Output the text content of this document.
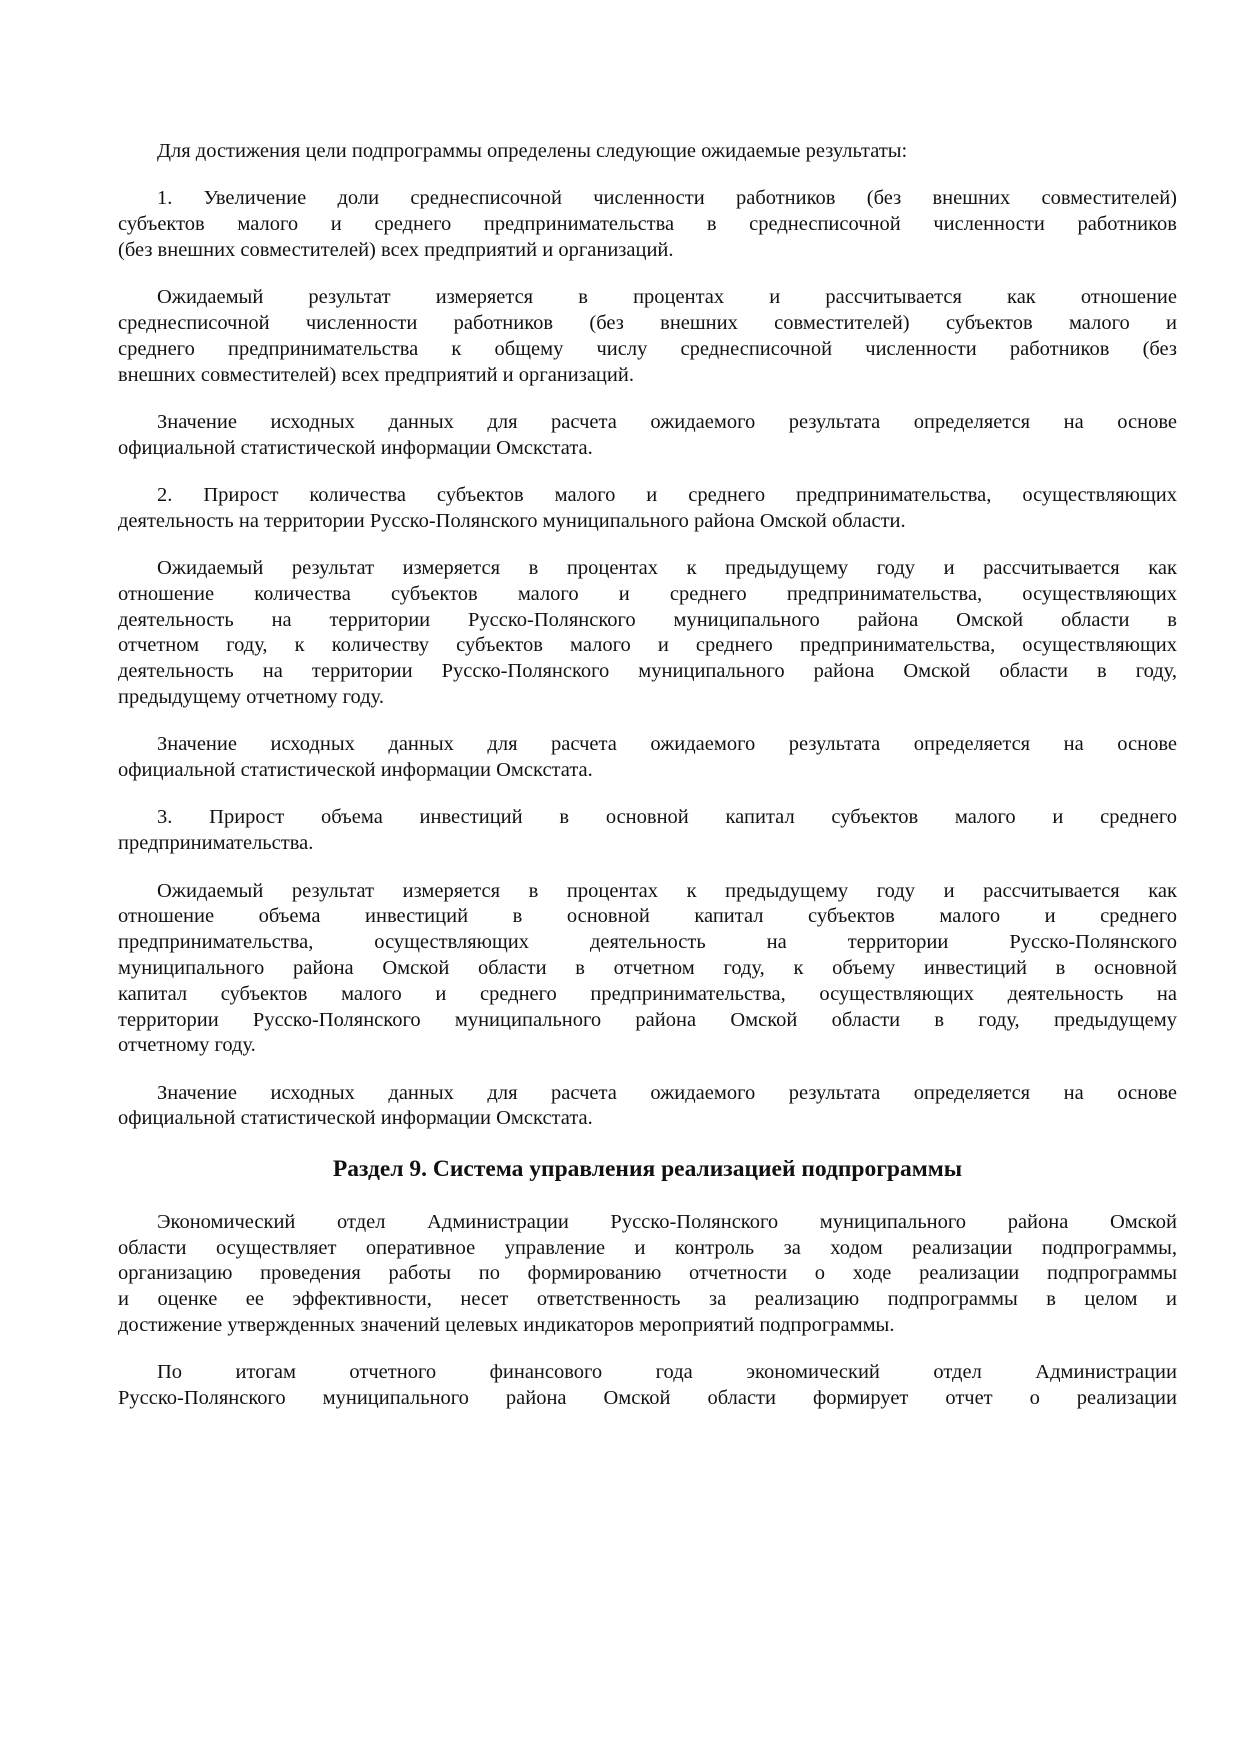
Для достижения цели подпрограммы определены следующие ожидаемые результаты:
1. Увеличение доли среднесписочной численности работников (без внешних совместителей)
субъектов малого и среднего предпринимательства в среднесписочной численности работников
(без внешних совместителей) всех предприятий и организаций.
Ожидаемый результат измеряется в процентах и рассчитывается как отношение
среднесписочной численности работников (без внешних совместителей) субъектов малого и
среднего предпринимательства к общему числу среднесписочной численности работников (без
внешних совместителей) всех предприятий и организаций.
Значение исходных данных для расчета ожидаемого результата определяется на основе
официальной статистической информации Омскстата.
2. Прирост количества субъектов малого и среднего предпринимательства, осуществляющих
деятельность на территории Русско-Полянского муниципального района Омской области.
Ожидаемый результат измеряется в процентах к предыдущему году и рассчитывается как
отношение количества субъектов малого и среднего предпринимательства, осуществляющих
деятельность на территории Русско-Полянского муниципального района Омской области в
отчетном году, к количеству субъектов малого и среднего предпринимательства, осуществляющих
деятельность на территории Русско-Полянского муниципального района Омской области в году,
предыдущему отчетному году.
Значение исходных данных для расчета ожидаемого результата определяется на основе
официальной статистической информации Омскстата.
3. Прирост объема инвестиций в основной капитал субъектов малого и среднего
предпринимательства.
Ожидаемый результат измеряется в процентах к предыдущему году и рассчитывается как
отношение объема инвестиций в основной капитал субъектов малого и среднего
предпринимательства, осуществляющих деятельность на территории Русско-Полянского
муниципального района Омской области в отчетном году, к объему инвестиций в основной
капитал субъектов малого и среднего предпринимательства, осуществляющих деятельность на
территории Русско-Полянского муниципального района Омской области в году, предыдущему
отчетному году.
Значение исходных данных для расчета ожидаемого результата определяется на основе
официальной статистической информации Омскстата.
Раздел 9. Система управления реализацией подпрограммы
Экономический отдел Администрации Русско-Полянского муниципального района Омской
области осуществляет оперативное управление и контроль за ходом реализации подпрограммы,
организацию проведения работы по формированию отчетности о ходе реализации подпрограммы
и оценке ее эффективности, несет ответственность за реализацию подпрограммы в целом и
достижение утвержденных значений целевых индикаторов мероприятий подпрограммы.
По итогам отчетного финансового года экономический отдел Администрации
Русско-Полянского муниципального района Омской области формирует отчет о реализации
